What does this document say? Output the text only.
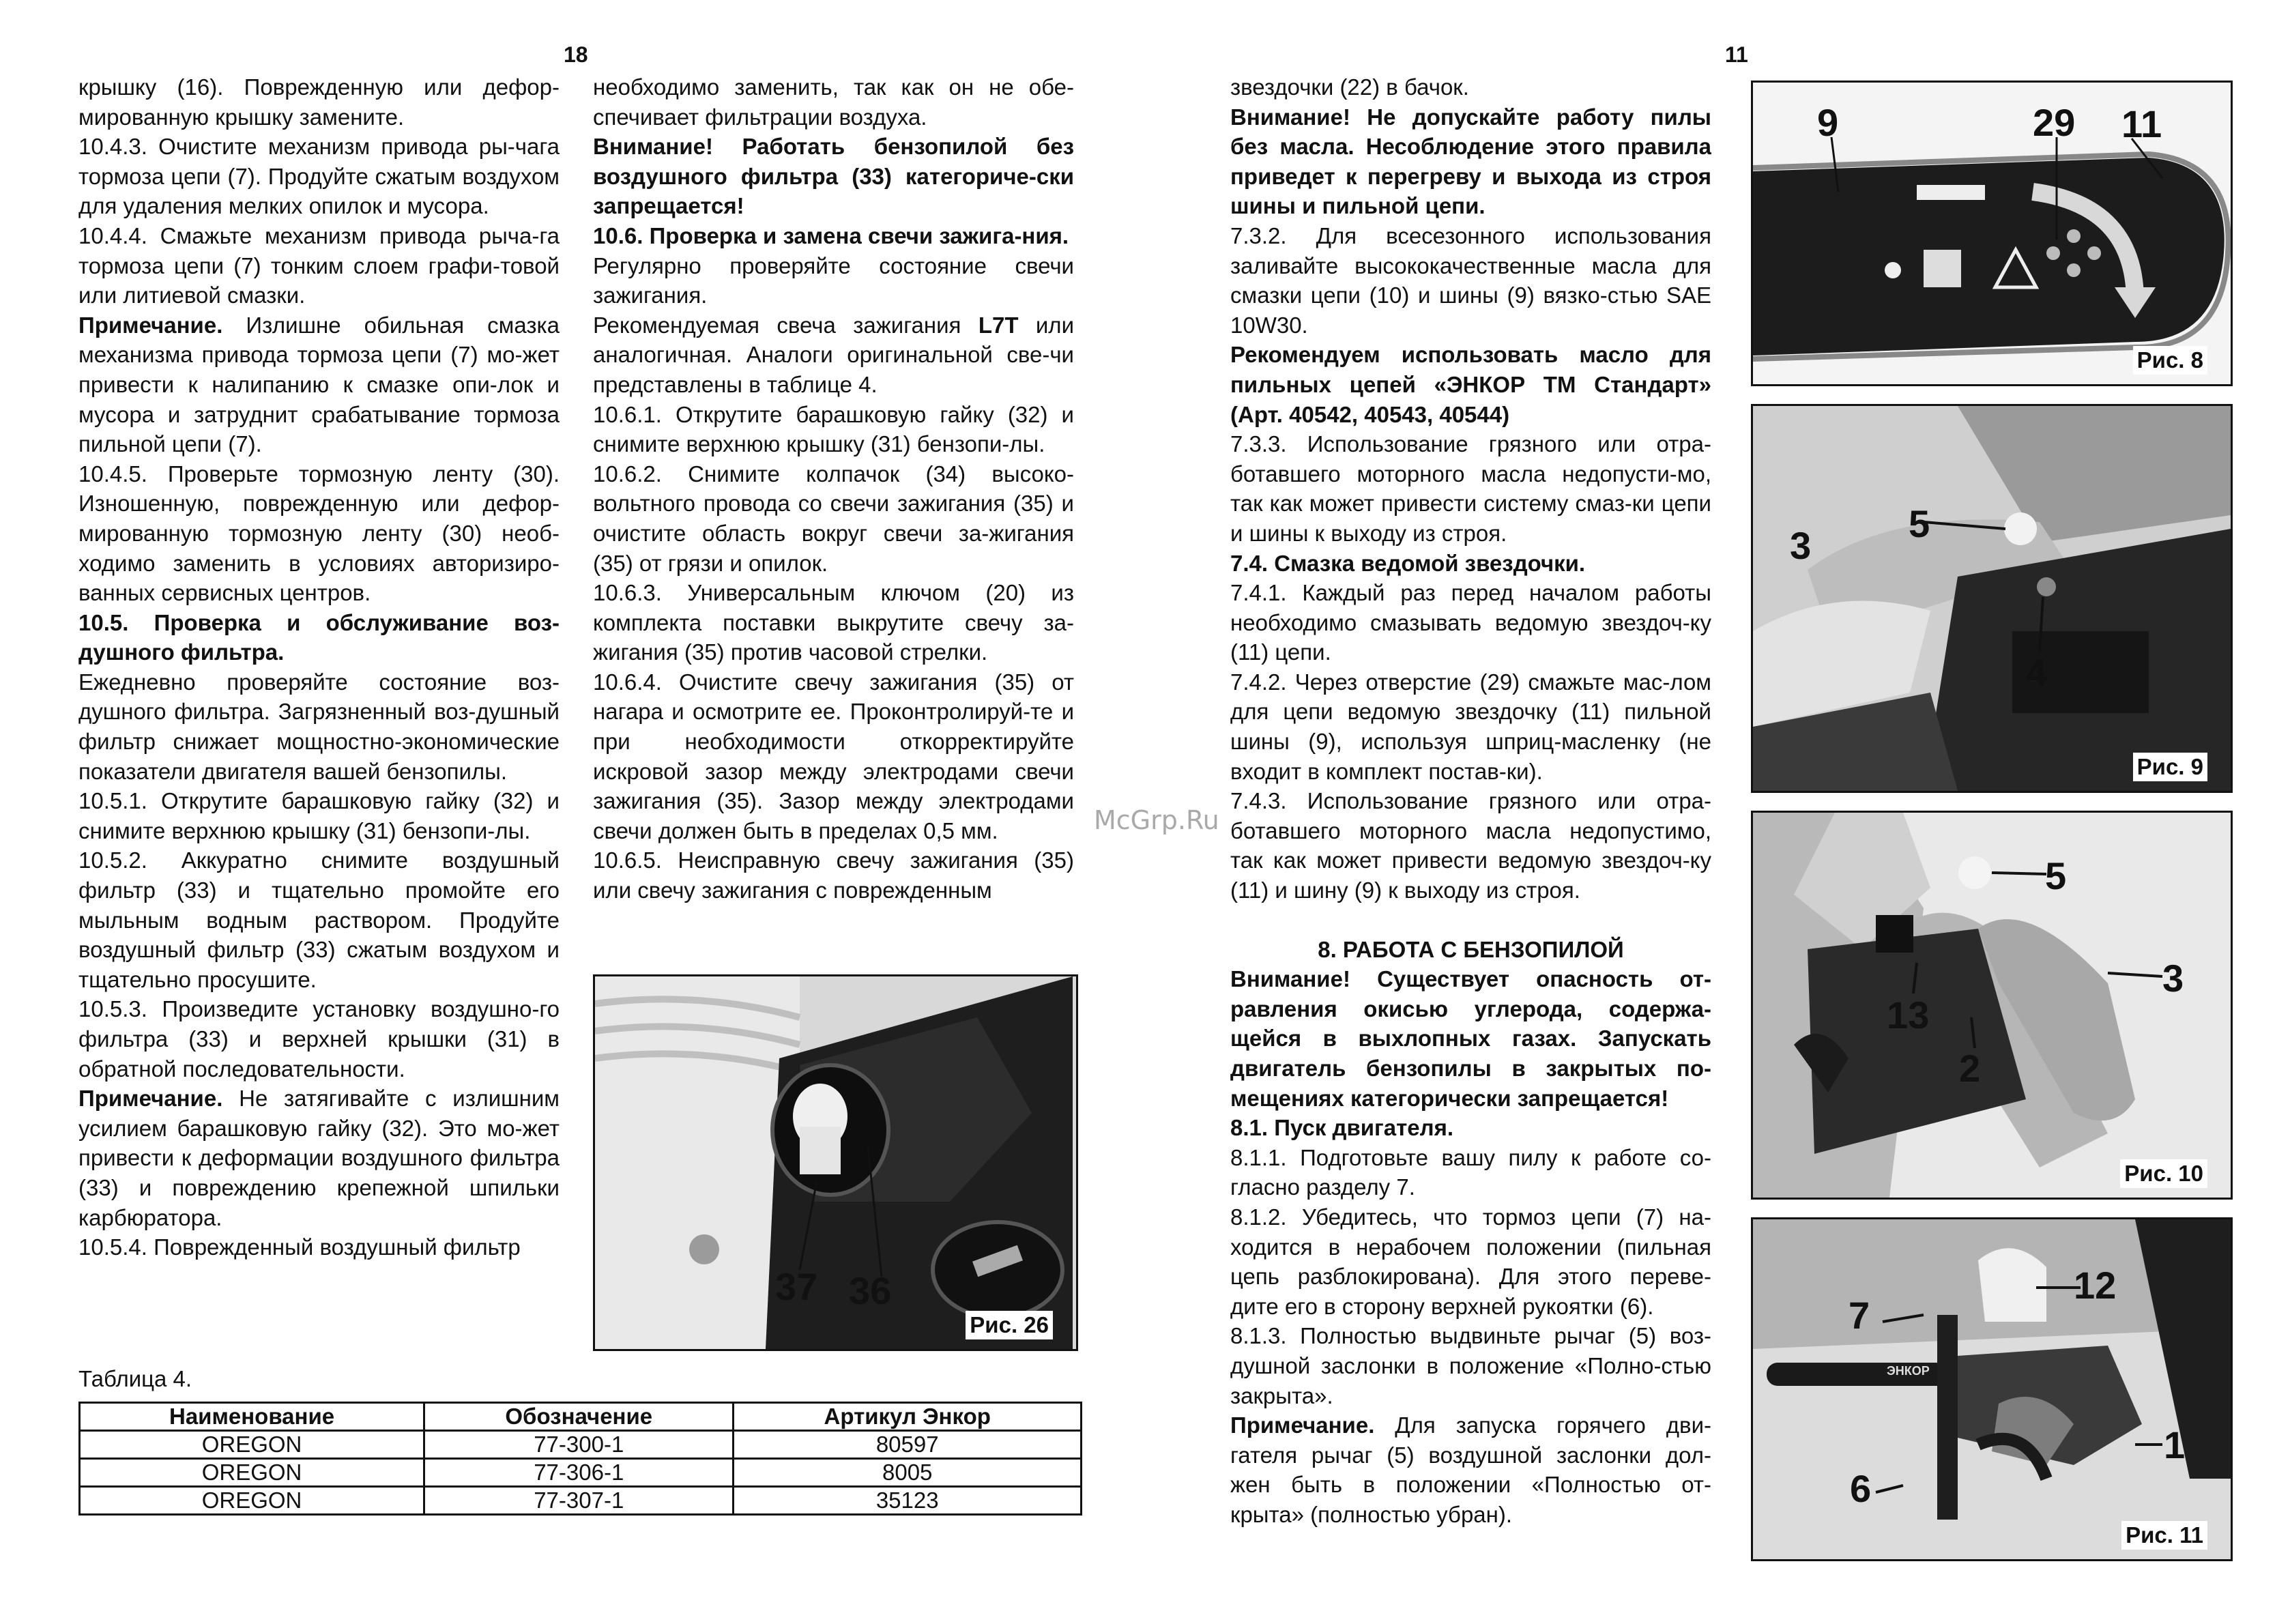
18	11

крышку (16). Поврежденную или дефор-мированную крышку замените.

10.4.3. Очистите механизм привода ры-чага тормоза цепи (7). Продуйте сжатым воздухом для удаления мелких опилок и мусора.

10.4.4. Смажьте механизм привода рыча-га тормоза цепи (7) тонким слоем графи-товой или литиевой смазки.

Примечание. Излишне обильная смазка механизма привода тормоза цепи (7) мо-жет привести к налипанию к смазке опи-лок и мусора и затруднит срабатывание тормоза пильной цепи (7).

10.4.5. Проверьте тормозную ленту (30). Изношенную, поврежденную или дефор-мированную тормозную ленту (30) необ-ходимо заменить в условиях авторизиро-ванных сервисных центров.

10.5. Проверка и обслуживание воз-душного фильтра.

Ежедневно проверяйте состояние воз-душного фильтра. Загрязненный воз-душный фильтр снижает мощностно-экономические показатели двигателя вашей бензопилы.

10.5.1. Открутите барашковую гайку (32) и снимите верхнюю крышку (31) бензопи-лы.

10.5.2. Аккуратно снимите воздушный фильтр (33) и тщательно промойте его мыльным водным раствором. Продуйте воздушный фильтр (33) сжатым воздухом и тщательно просушите.

10.5.3. Произведите установку воздушно-го фильтра (33) и верхней крышки (31) в обратной последовательности.

Примечание. Не затягивайте с излишним усилием барашковую гайку (32). Это мо-жет привести к деформации воздушного фильтра (33) и повреждению крепежной шпильки карбюратора.

10.5.4. Поврежденный воздушный фильтр

необходимо заменить, так как он не обе-спечивает фильтрации воздуха.

Внимание! Работать бензопилой без воздушного фильтра (33) категориче-ски запрещается!

10.6. Проверка и замена свечи зажига-ния.

Регулярно проверяйте состояние свечи зажигания.

Рекомендуемая свеча зажигания L7T или аналогичная. Аналоги оригинальной све-чи представлены в таблице 4.

10.6.1. Открутите барашковую гайку (32) и снимите верхнюю крышку (31) бензопи-лы.

10.6.2. Снимите колпачок (34) высоко-вольтного провода со свечи зажигания (35) и очистите область вокруг свечи за-жигания (35) от грязи и опилок.

10.6.3. Универсальным ключом (20) из комплекта поставки выкрутите свечу за-жигания (35) против часовой стрелки.

10.6.4. Очистите свечу зажигания (35) от нагара и осмотрите ее. Проконтролируй-те и при необходимости откорректируйте искровой зазор между электродами свечи зажигания (35). Зазор между электродами свечи должен быть в пределах 0,5 мм.

10.6.5. Неисправную свечу зажигания (35) или свечу зажигания с поврежденным

звездочки (22) в бачок.

Внимание! Не допускайте работу пилы без масла. Несоблюдение этого правила приведет к перегреву и выхода из строя шины и пильной цепи.

7.3.2. Для всесезонного использования заливайте высококачественные масла для смазки цепи (10) и шины (9) вязко-стью SAE 10W30.

Рекомендуем использовать масло для пильных цепей «ЭНКОР ТМ Стандарт» (Арт. 40542, 40543, 40544)

7.3.3. Использование грязного или отра-ботавшего моторного масла недопусти-мо, так как может привести систему смаз-ки цепи и шины к выходу из строя.

7.4. Смазка ведомой звездочки.

7.4.1. Каждый раз перед началом работы необходимо смазывать ведомую звездоч-ку (11) цепи.

7.4.2. Через отверстие (29) смажьте мас-лом для цепи ведомую звездочку (11) пильной шины (9), используя шприц-масленку (не входит в комплект постав-ки).

7.4.3. Использование грязного или отра-ботавшего моторного масла недопустимо, так как может привести ведомую звездоч-ку (11) и шину (9) к выходу из строя.

8. РАБОТА С БЕНЗОПИЛОЙ

Внимание! Существует опасность от-равления окисью углерода, содержа-щейся в выхлопных газах. Запускать двигатель бензопилы в закрытых по-мещениях категорически запрещается!

8.1. Пуск двигателя.

8.1.1. Подготовьте вашу пилу к работе со-гласно разделу 7.

8.1.2. Убедитесь, что тормоз цепи (7) на-ходится в нерабочем положении (пильная цепь разблокирована). Для этого переве-дите его в сторону верхней рукоятки (6).

8.1.3. Полностью выдвиньте рычаг (5) воз-душной заслонки в положение «Полно-стью закрыта».

Примечание. Для запуска горячего дви-гателя рычаг (5) воздушной заслонки дол-жен быть в положении «Полностью от-крыта» (полностью убран).

McGrp.Ru
37 36
Рис. 26
Таблица 4.
Наименование	Обозначение	Артикул Энкор
OREGON	77-300-1	80597
OREGON	77-306-1	8005
OREGON	77-307-1	35123
9	29 11
Рис. 8
5
3
4
Рис. 9
5
3
13
2
Рис. 10
ЭНКОР
12
7
1
6
Рис. 11
